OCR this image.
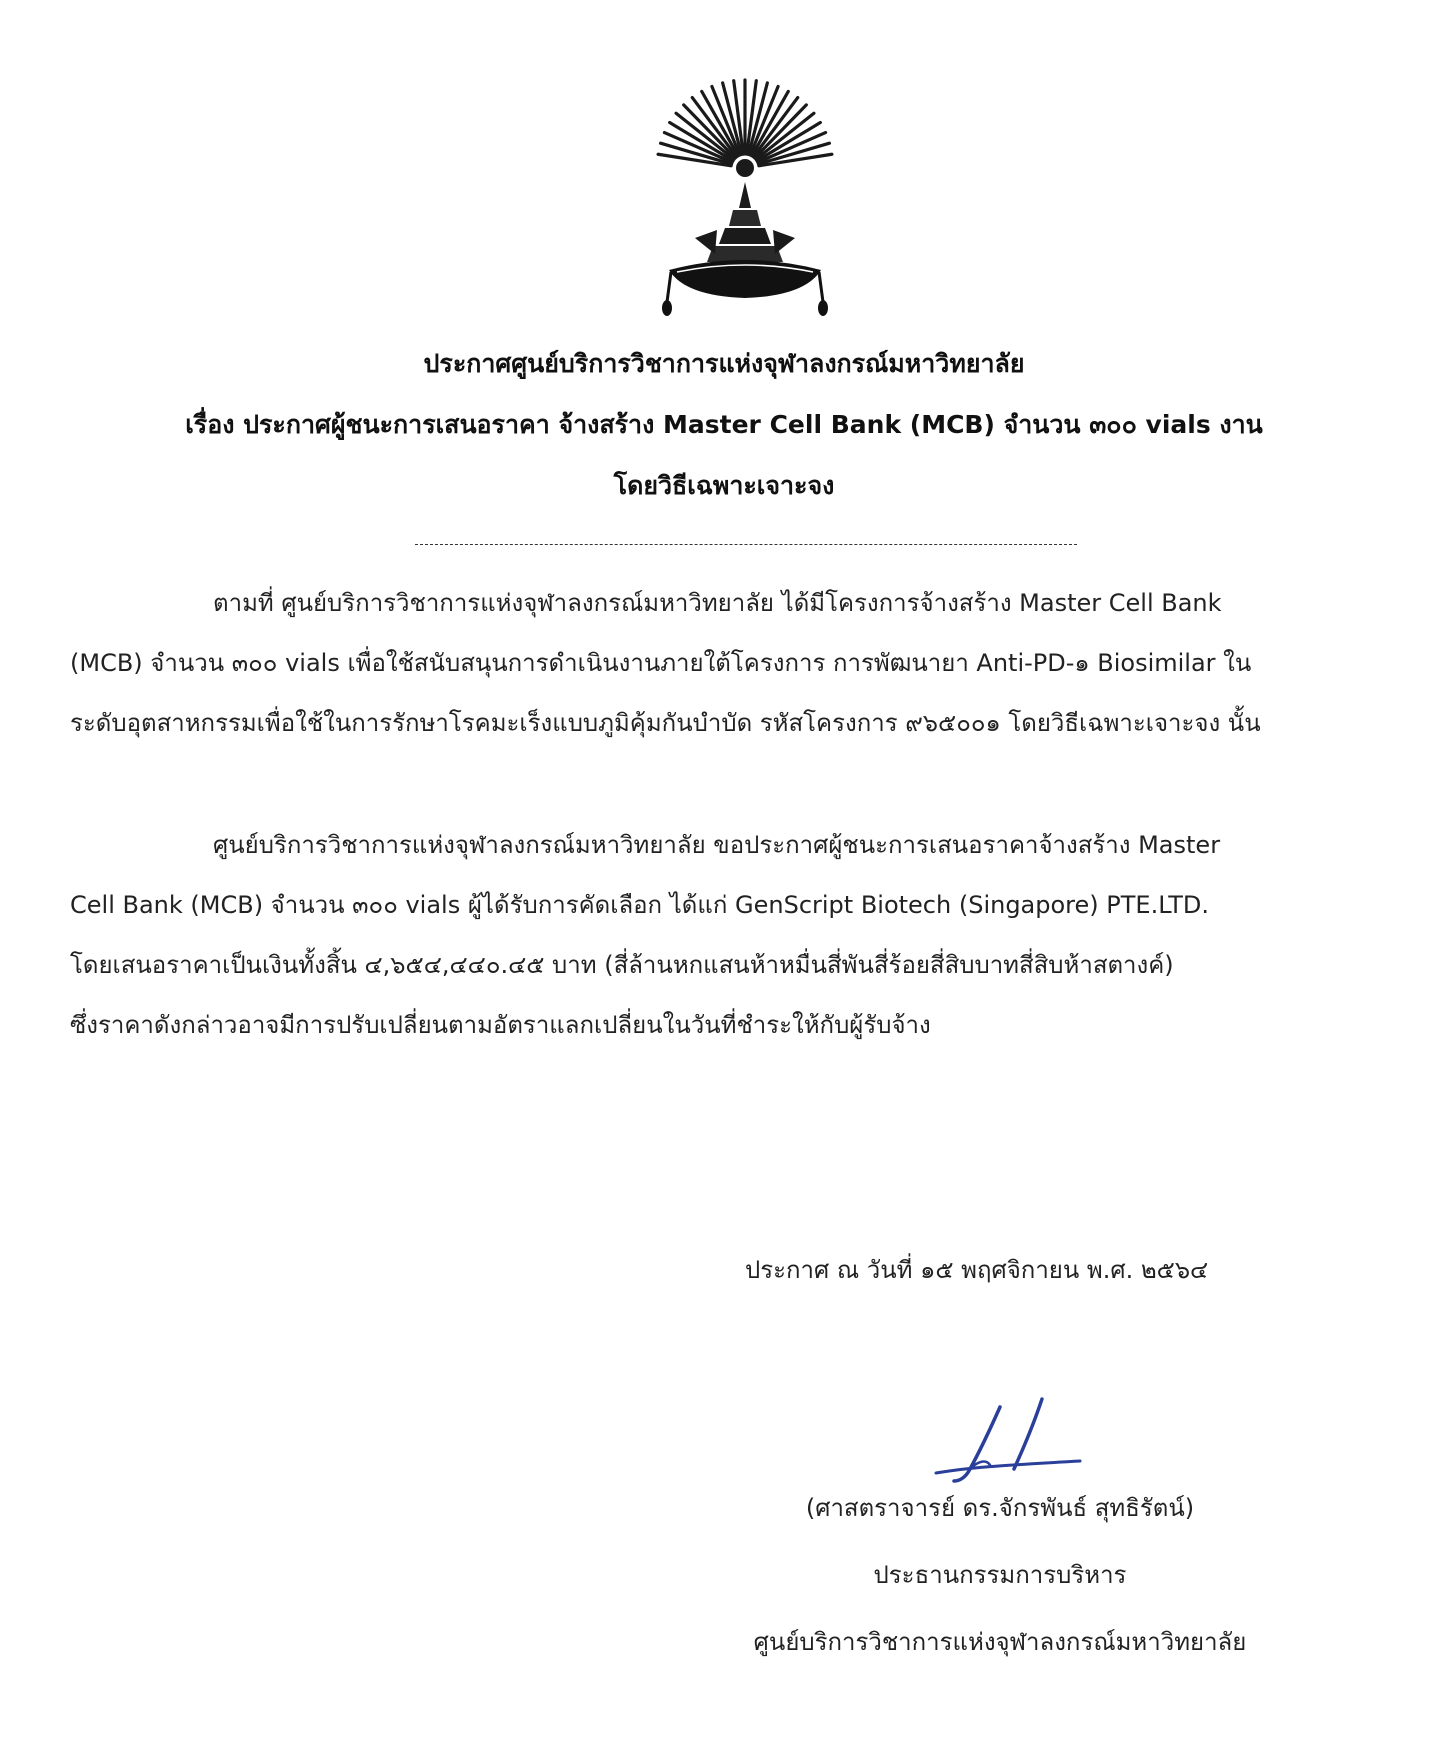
ประกาศศูนย์บริการวิชาการแห่งจุฬาลงกรณ์มหาวิทยาลัย
เรื่อง ประกาศผู้ชนะการเสนอราคา จ้างสร้าง Master Cell Bank (MCB) จำนวน ๓๐๐ vials งาน
โดยวิธีเฉพาะเจาะจง
ตามที่ ศูนย์บริการวิชาการแห่งจุฬาลงกรณ์มหาวิทยาลัย ได้มีโครงการจ้างสร้าง Master Cell Bank
(MCB) จำนวน ๓๐๐ vials เพื่อใช้สนับสนุนการดำเนินงานภายใต้โครงการ การพัฒนายา Anti-PD-๑ Biosimilar ใน
ระดับอุตสาหกรรมเพื่อใช้ในการรักษาโรคมะเร็งแบบภูมิคุ้มกันบำบัด รหัสโครงการ ๙๖๕๐๐๑ โดยวิธีเฉพาะเจาะจง นั้น
ศูนย์บริการวิชาการแห่งจุฬาลงกรณ์มหาวิทยาลัย ขอประกาศผู้ชนะการเสนอราคาจ้างสร้าง Master
Cell Bank (MCB) จำนวน ๓๐๐ vials ผู้ได้รับการคัดเลือก ได้แก่ GenScript Biotech (Singapore) PTE.LTD.
โดยเสนอราคาเป็นเงินทั้งสิ้น ๔,๖๕๔,๔๔๐.๔๕ บาท (สี่ล้านหกแสนห้าหมื่นสี่พันสี่ร้อยสี่สิบบาทสี่สิบห้าสตางค์)
ซึ่งราคาดังกล่าวอาจมีการปรับเปลี่ยนตามอัตราแลกเปลี่ยนในวันที่ชำระให้กับผู้รับจ้าง
ประกาศ ณ วันที่ ๑๕ พฤศจิกายน พ.ศ. ๒๕๖๔
(ศาสตราจารย์ ดร.จักรพันธ์ สุทธิรัตน์)
ประธานกรรมการบริหาร
ศูนย์บริการวิชาการแห่งจุฬาลงกรณ์มหาวิทยาลัย
